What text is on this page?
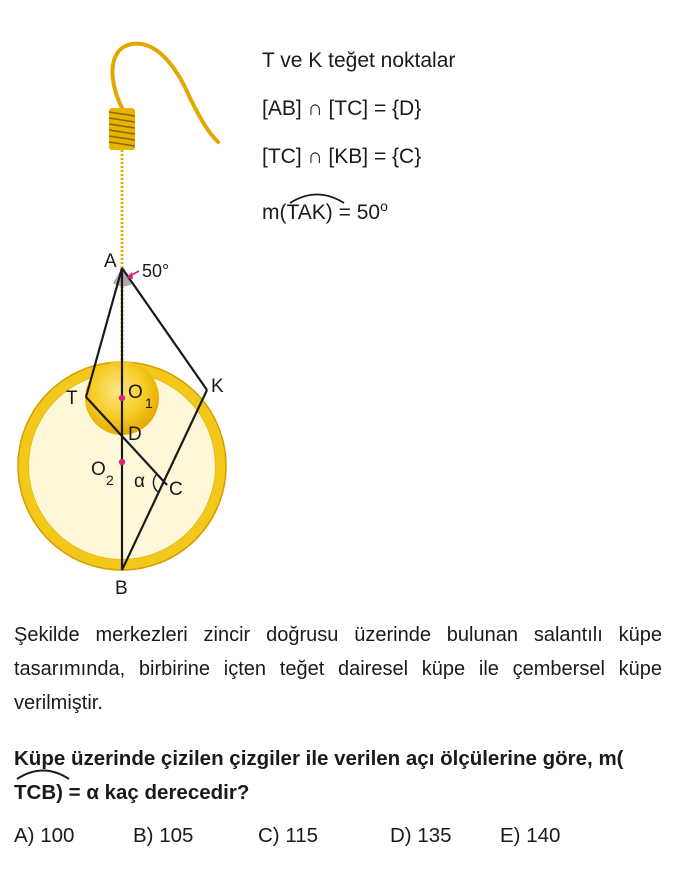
A 50°
T
K
O 1
D
O 2 α C
B
T ve K teğet noktalar
[AB] ∩ [TC] = {D}
[TC] ∩ [KB] = {C}
m(
$TAK) = 50^o$
Şekilde merkezleri zincir doğrusu üzerinde bulunan salantılı küpe tasarımında, birbirine içten teğet dairesel küpe ile çembersel küpe verilmiştir.
Küpe üzerinde çizilen çizgiler ile verilen açı ölçülerine göre, m(
TCB) = α kaç derecedir?
A) 100	B) 105	C) 115	D) 135 E) 140
